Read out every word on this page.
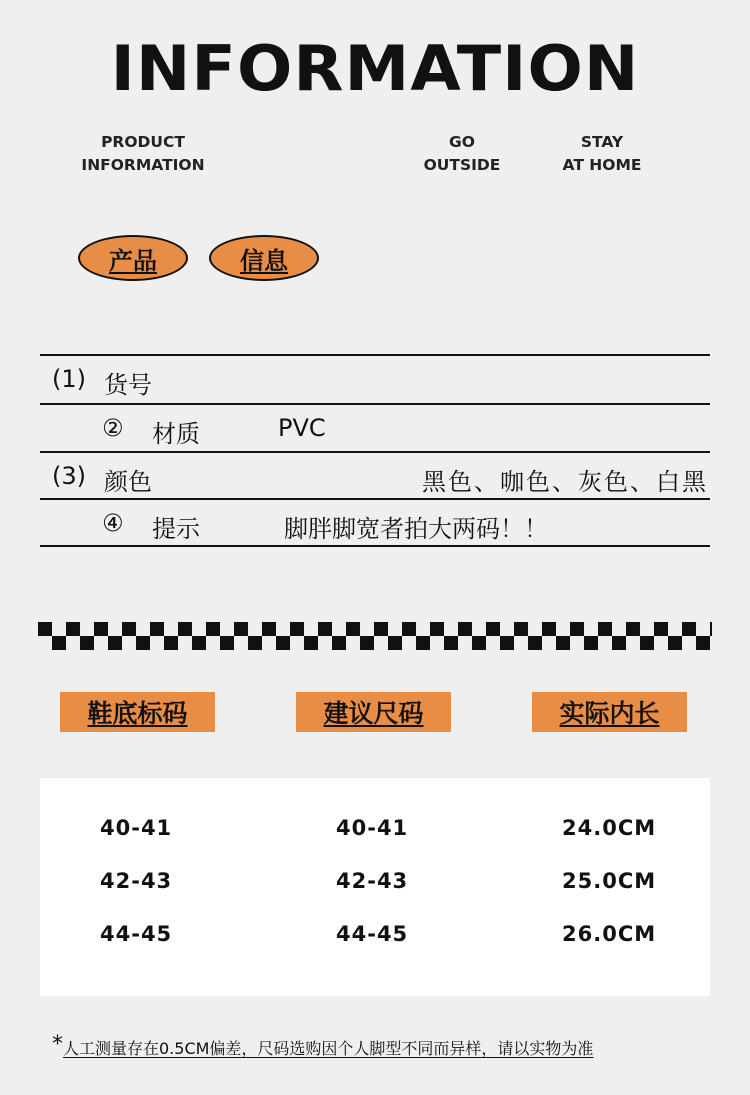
INFORMATION
PRODUCT
INFORMATION
GO
OUTSIDE
STAY
AT HOME
产品	信息
(1) 货号
② 材质	PVC
(3) 颜色	黑色、咖色、灰色、白黑
④ 提示	脚胖脚宽者拍大两码！！
鞋底标码	建议尺码	实际内长
40-41	40-41	24.0CM
42-43	42-43	25.0CM
44-45	44-45	26.0CM
*人工测量存在0.5CM偏差，尺码选购因个人脚型不同而异样，请以实物为准
